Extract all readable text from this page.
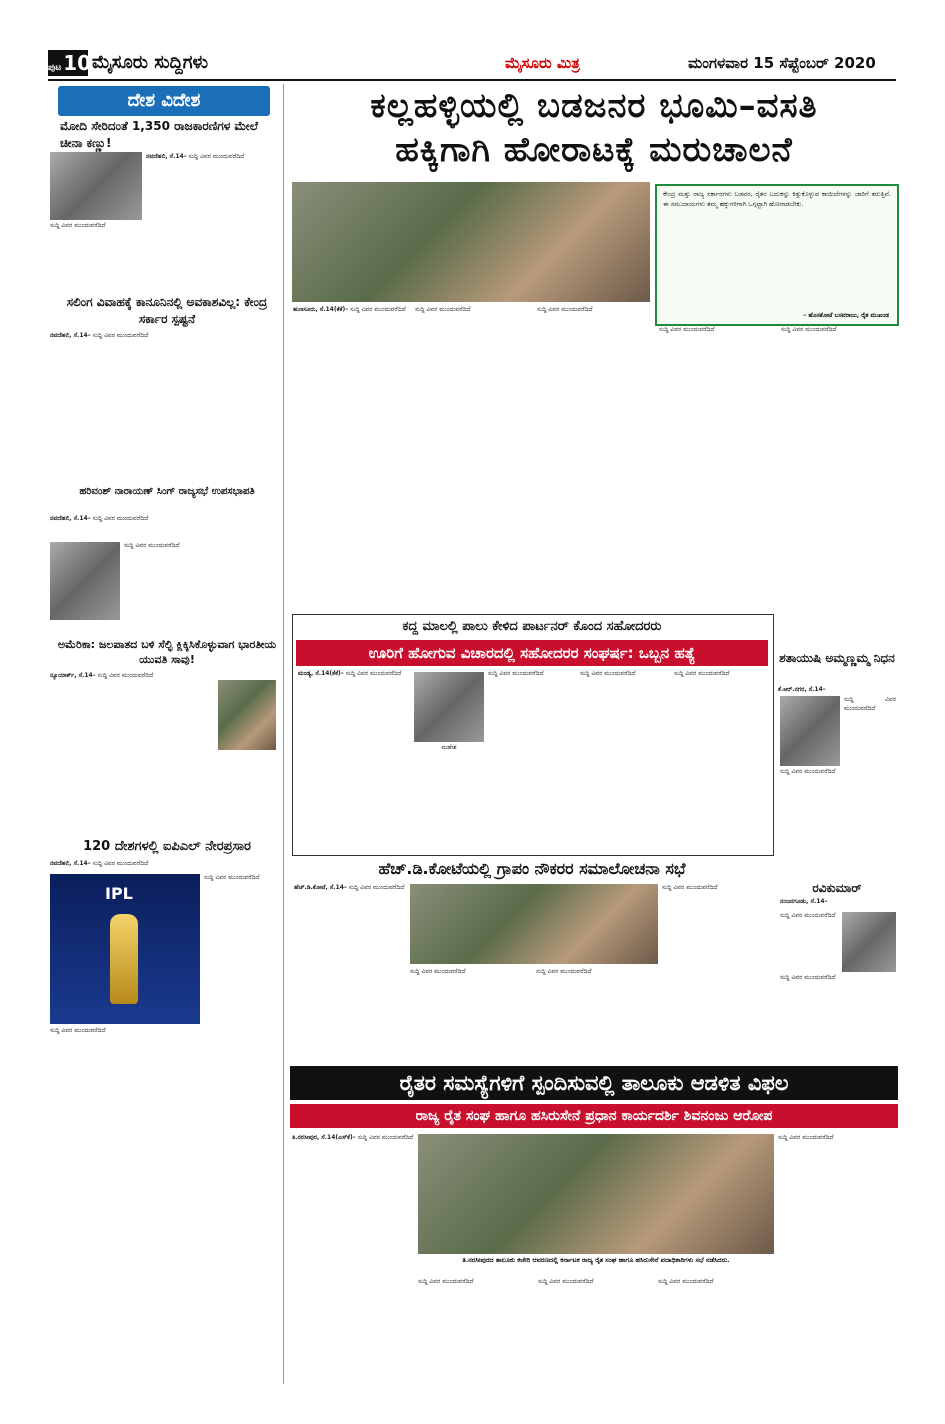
ಪುಟ 10 ಮೈಸೂರು ಸುದ್ದಿಗಳು	ಮೈಸೂರು ಮಿತ್ರ	ಮಂಗಳವಾರ 15 ಸೆಪ್ಟೆಂಬರ್ 2020
ದೇಶ ವಿದೇಶ
ಮೋದಿ ಸೇರಿದಂತೆ 1,350 ರಾಜಕಾರಣಿಗಳ ಮೇಲೆ ಚೀನಾ ಕಣ್ಣು!
ನವದೆಹಲಿ, ಸೆ.14– ಸುದ್ದಿ ವಿವರ ಮುಂದುವರೆದಿದೆ
ಸುದ್ದಿ ವಿವರ ಮುಂದುವರೆದಿದೆ
ಸಲಿಂಗ ವಿವಾಹಕ್ಕೆ ಕಾನೂನಿನಲ್ಲಿ ಅವಕಾಶವಿಲ್ಲ: ಕೇಂದ್ರ ಸರ್ಕಾರ ಸ್ಪಷ್ಟನೆ
ನವದೆಹಲಿ, ಸೆ.14– ಸುದ್ದಿ ವಿವರ ಮುಂದುವರೆದಿದೆ
ಹರಿವಂಶ್ ನಾರಾಯಣ್ ಸಿಂಗ್ ರಾಜ್ಯಸಭೆ ಉಪಸಭಾಪತಿ
ನವದೆಹಲಿ, ಸೆ.14– ಸುದ್ದಿ ವಿವರ ಮುಂದುವರೆದಿದೆ
ಸುದ್ದಿ ವಿವರ ಮುಂದುವರೆದಿದೆ
ಅಮೆರಿಕಾ: ಜಲಪಾತದ ಬಳಿ ಸೆಲ್ಫಿ ಕ್ಲಿಕ್ಕಿಸಿಕೊಳ್ಳುವಾಗ ಭಾರತೀಯ ಯುವತಿ ಸಾವು!
ನ್ಯೂಯಾರ್ಕ್, ಸೆ.14– ಸುದ್ದಿ ವಿವರ ಮುಂದುವರೆದಿದೆ
120 ದೇಶಗಳಲ್ಲಿ ಐಪಿಎಲ್ ನೇರಪ್ರಸಾರ
ನವದೆಹಲಿ, ಸೆ.14– ಸುದ್ದಿ ವಿವರ ಮುಂದುವರೆದಿದೆ
IPL
ಸುದ್ದಿ ವಿವರ ಮುಂದುವರೆದಿದೆ
ಸುದ್ದಿ ವಿವರ ಮುಂದುವರೆದಿದೆ
ಕಲ್ಲಹಳ್ಳಿಯಲ್ಲಿ ಬಡಜನರ ಭೂಮಿ–ವಸತಿ
ಹಕ್ಕಿಗಾಗಿ ಹೋರಾಟಕ್ಕೆ ಮರುಚಾಲನೆ
ಕೇಂದ್ರ ಮತ್ತು ರಾಜ್ಯ ಸರ್ಕಾರಗಳು ಬಡವರ, ರೈತರ ಬದುಕನ್ನು ಕಿತ್ತುಕೊಳ್ಳುವ ಕಾಯಿದೆಗಳನ್ನು ಜಾರಿಗೆ ತರುತ್ತಿವೆ. ಈ ಸಮುದಾಯಗಳು ತಮ್ಮ ಹಕ್ಕುಗಳಿಗಾಗಿ ಒಗ್ಗಟ್ಟಾಗಿ ಹೋರಾಡಬೇಕು.
– ಹೊಸಕೋಟೆ ಬಸವರಾಜು, ರೈತ ಮುಖಂಡ
ಹುಣಸೂರು, ಸೆ.14(ಕೆಕೆ)– ಸುದ್ದಿ ವಿವರ ಮುಂದುವರೆದಿದೆ	ಸುದ್ದಿ ವಿವರ ಮುಂದುವರೆದಿದೆ	ಸುದ್ದಿ ವಿವರ ಮುಂದುವರೆದಿದೆ
ಸುದ್ದಿ ವಿವರ ಮುಂದುವರೆದಿದೆ	ಸುದ್ದಿ ವಿವರ ಮುಂದುವರೆದಿದೆ
ಕದ್ದ ಮಾಲಲ್ಲಿ ಪಾಲು ಕೇಳಿದ ಪಾರ್ಟನರ್ ಕೊಂದ ಸಹೋದರರು
ಊರಿಗೆ ಹೋಗುವ ವಿಚಾರದಲ್ಲಿ ಸಹೋದರರ ಸಂಘರ್ಷ: ಒಬ್ಬನ ಹತ್ಯೆ
ಮಂಡ್ಯ, ಸೆ.14(ಕೆಕೆ)– ಸುದ್ದಿ ವಿವರ ಮುಂದುವರೆದಿದೆ
ಮಹೇಶ
ಸುದ್ದಿ ವಿವರ ಮುಂದುವರೆದಿದೆ	ಸುದ್ದಿ ವಿವರ ಮುಂದುವರೆದಿದೆ	ಸುದ್ದಿ ವಿವರ ಮುಂದುವರೆದಿದೆ
ಶತಾಯುಷಿ ಅಮ್ಮಣ್ಣಮ್ಮ ನಿಧನ
ಕೆ.ಆರ್.ನಗರ, ಸೆ.14–
ಸುದ್ದಿ ವಿವರ ಮುಂದುವರೆದಿದೆ
ಸುದ್ದಿ ವಿವರ ಮುಂದುವರೆದಿದೆ
ರವಿಕುಮಾರ್
ನಂಜನಗೂಡು, ಸೆ.14–
ಸುದ್ದಿ ವಿವರ ಮುಂದುವರೆದಿದೆ
ಸುದ್ದಿ ವಿವರ ಮುಂದುವರೆದಿದೆ
ಹೆಚ್.ಡಿ.ಕೋಟೆಯಲ್ಲಿ ಗ್ರಾಪಂ ನೌಕರರ ಸಮಾಲೋಚನಾ ಸಭೆ
ಹೆಚ್.ಡಿ.ಕೋಟೆ, ಸೆ.14– ಸುದ್ದಿ ವಿವರ ಮುಂದುವರೆದಿದೆ
ಸುದ್ದಿ ವಿವರ ಮುಂದುವರೆದಿದೆ	ಸುದ್ದಿ ವಿವರ ಮುಂದುವರೆದಿದೆ
ಸುದ್ದಿ ವಿವರ ಮುಂದುವರೆದಿದೆ
ರೈತರ ಸಮಸ್ಯೆಗಳಿಗೆ ಸ್ಪಂದಿಸುವಲ್ಲಿ ತಾಲೂಕು ಆಡಳಿತ ವಿಫಲ
ರಾಜ್ಯ ರೈತ ಸಂಘ ಹಾಗೂ ಹಸಿರುಸೇನೆ ಪ್ರಧಾನ ಕಾರ್ಯದರ್ಶಿ ಶಿವನಂಜು ಆರೋಪ
ತಿ.ನರಸೀಪುರ, ಸೆ.14(ಎಸ್‌ಕೆ)– ಸುದ್ದಿ ವಿವರ ಮುಂದುವರೆದಿದೆ
ತಿ.ನರಸೀಪುರದ ತಾಲೂಕು ಕಚೇರಿ ಆವರಣದಲ್ಲಿ ಕರ್ನಾಟಕ ರಾಜ್ಯ ರೈತ ಸಂಘ ಹಾಗೂ ಹಸಿರುಸೇನೆ ಪದಾಧಿಕಾರಿಗಳು ಸಭೆ ನಡೆಸಿದರು.
ಸುದ್ದಿ ವಿವರ ಮುಂದುವರೆದಿದೆ	ಸುದ್ದಿ ವಿವರ ಮುಂದುವರೆದಿದೆ	ಸುದ್ದಿ ವಿವರ ಮುಂದುವರೆದಿದೆ
ಸುದ್ದಿ ವಿವರ ಮುಂದುವರೆದಿದೆ
